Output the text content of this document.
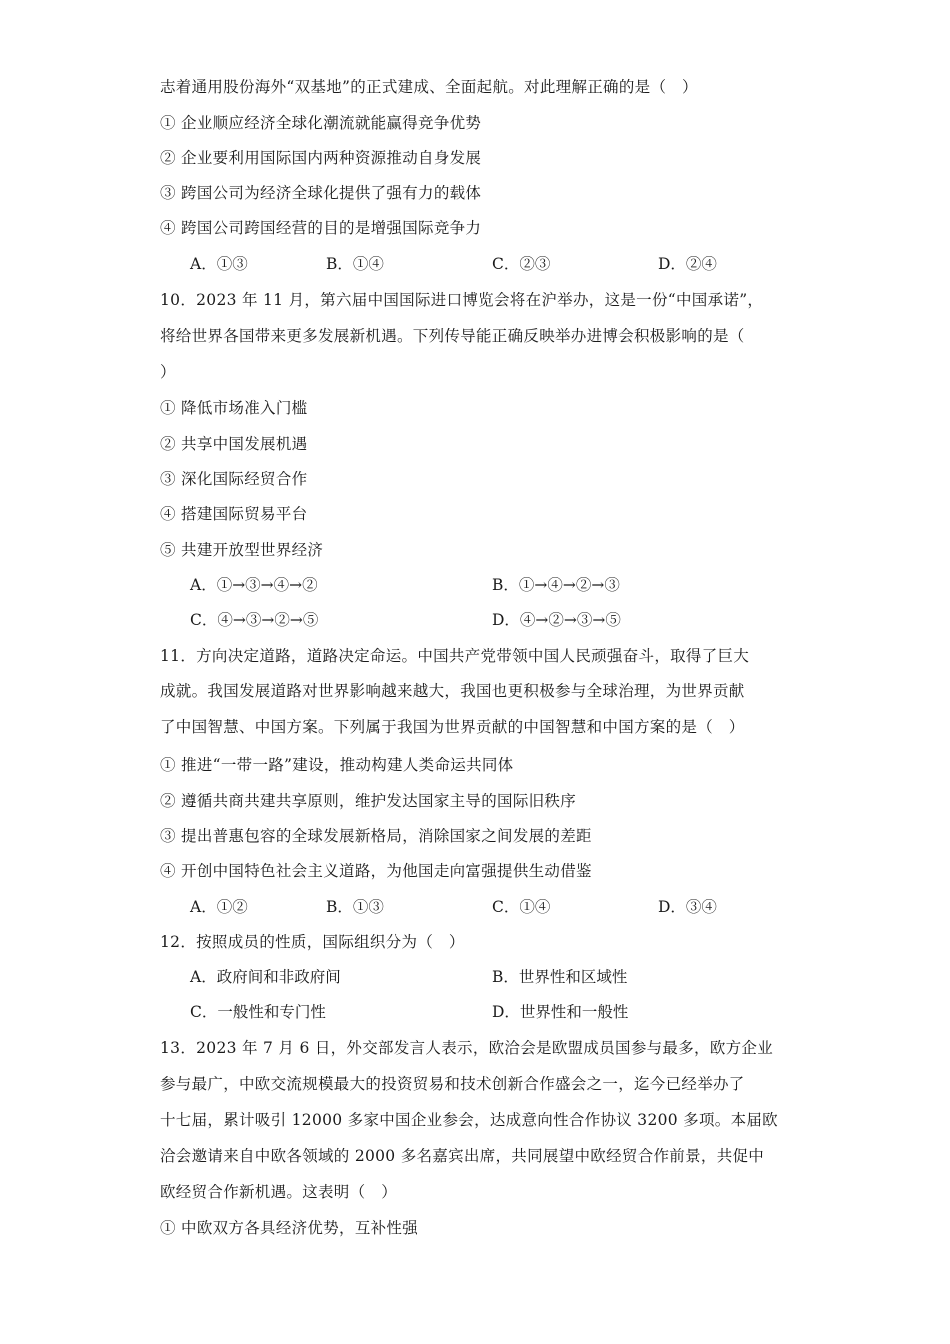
志着通用股份海外“双基地”的正式建成、全面起航。对此理解正确的是（　）
① 企业顺应经济全球化潮流就能赢得竞争优势
② 企业要利用国际国内两种资源推动自身发展
③ 跨国公司为经济全球化提供了强有力的载体
④ 跨国公司跨国经营的目的是增强国际竞争力
A．①③	B．①④	C．②③	D．②④
10．2023 年 11 月，第六届中国国际进口博览会将在沪举办，这是一份“中国承诺”，
将给世界各国带来更多发展新机遇。下列传导能正确反映举办进博会积极影响的是（
）
① 降低市场准入门槛
② 共享中国发展机遇
③ 深化国际经贸合作
④ 搭建国际贸易平台
⑤ 共建开放型世界经济
A．①→③→④→②	B．①→④→②→③
C．④→③→②→⑤	D．④→②→③→⑤
11．方向决定道路，道路决定命运。中国共产党带领中国人民顽强奋斗，取得了巨大
成就。我国发展道路对世界影响越来越大，我国也更积极参与全球治理，为世界贡献
了中国智慧、中国方案。下列属于我国为世界贡献的中国智慧和中国方案的是（　）
① 推进“一带一路”建设，推动构建人类命运共同体
② 遵循共商共建共享原则，维护发达国家主导的国际旧秩序
③ 提出普惠包容的全球发展新格局，消除国家之间发展的差距
④ 开创中国特色社会主义道路，为他国走向富强提供生动借鉴
A．①②	B．①③	C．①④	D．③④
12．按照成员的性质，国际组织分为（　）
A．政府间和非政府间	B．世界性和区域性
C．一般性和专门性	D．世界性和一般性
13．2023 年 7 月 6 日，外交部发言人表示，欧洽会是欧盟成员国参与最多，欧方企业
参与最广，中欧交流规模最大的投资贸易和技术创新合作盛会之一，迄今已经举办了
十七届，累计吸引 12000 多家中国企业参会，达成意向性合作协议 3200 多项。本届欧
洽会邀请来自中欧各领域的 2000 多名嘉宾出席，共同展望中欧经贸合作前景，共促中
欧经贸合作新机遇。这表明（　）
① 中欧双方各具经济优势，互补性强
